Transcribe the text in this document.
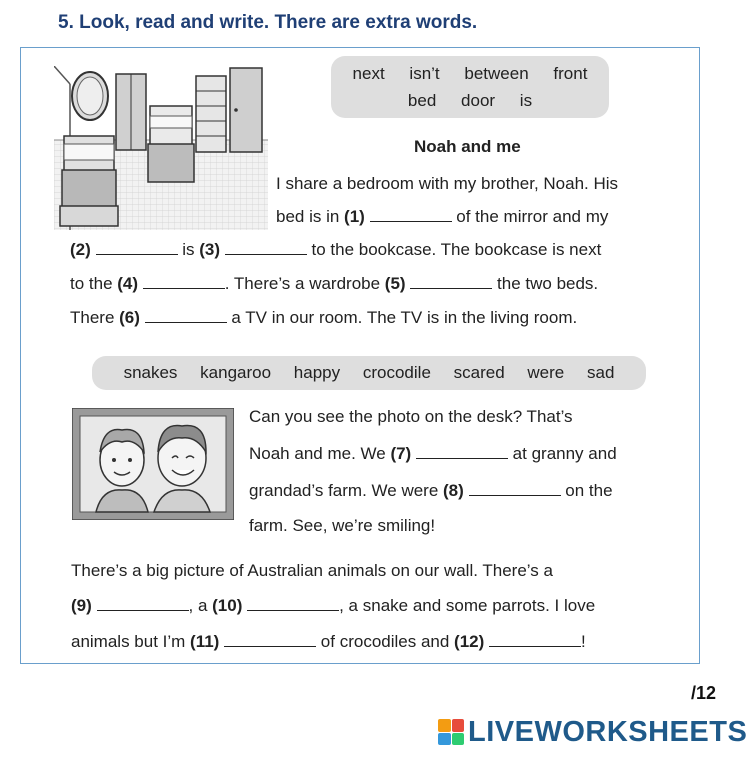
5. Look, read and write. There are extra words.
next isn’t between front
bed door is
Noah and me
I share a bedroom with my brother, Noah. His
bed is in (1)	of the mirror and my
(2)	is (3)	to the bookcase. The bookcase is next
to the (4)	. There’s a wardrobe (5)	the two beds.
There (6)	a TV in our room. The TV is in the living room.
snakes kangaroo happy crocodile scared were sad
Can you see the photo on the desk? That’s
Noah and me. We (7)	at granny and
grandad’s farm. We were (8)	on the
farm. See, we’re smiling!
There’s a big picture of Australian animals on our wall. There’s a
(9)	, a (10)	, a snake and some parrots. I love
animals but I’m (11)	of crocodiles and (12)	!
/12
LIVEWORKSHEETS
